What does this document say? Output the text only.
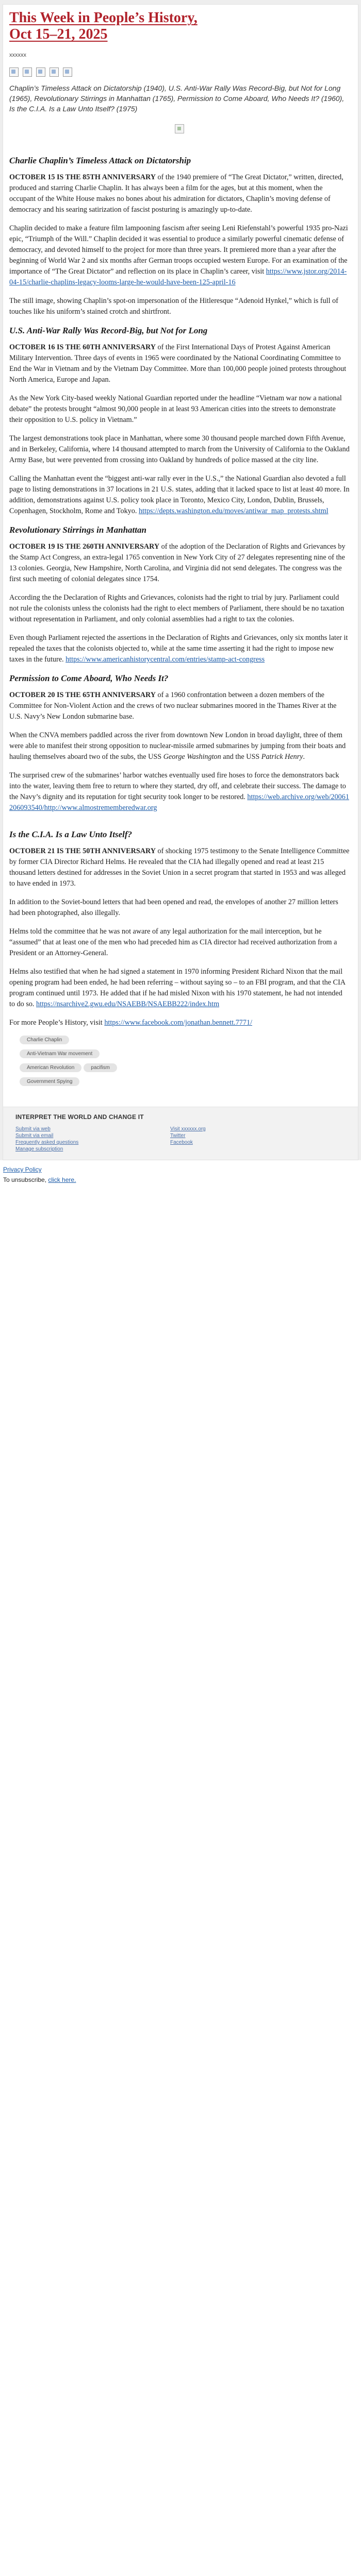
This Week in People’s History,
Oct 15–21, 2025
xxxxxx

Chaplin’s Timeless Attack on Dictatorship (1940), U.S. Anti-War Rally Was Record-Big, but Not for Long (1965), Revolutionary Stirrings in Manhattan (1765), Permission to Come Aboard, Who Needs It? (1960), Is the C.I.A. Is a Law Unto Itself? (1975)

Charlie Chaplin’s Timeless Attack on Dictatorship

OCTOBER 15 IS THE 85TH ANNIVERSARY of the 1940 premiere of “The Great Dictator,” written, directed, produced and starring Charlie Chaplin. It has always been a film for the ages, but at this moment, when the occupant of the White House makes no bones about his admiration for dictators, Chaplin’s moving defense of democracy and his searing satirization of fascist posturing is amazingly up-to-date.

Chaplin decided to make a feature film lampooning fascism after seeing Leni Riefenstahl’s powerful 1935 pro-Nazi epic, “Triumph of the Will.” Chaplin decided it was essential to produce a similarly powerful cinematic defense of democracy, and devoted himself to the project for more than three years. It premiered more than a year after the beginning of World War 2 and six months after German troops occupied western Europe. For an examination of the importance of “The Great Dictator” and reflection on its place in Chaplin’s career, visit https://www.jstor.org/2014-04-15/charlie-chaplins-legacy-looms-large-he-would-have-been-125-april-16

The still image, showing Chaplin’s spot-on impersonation of the Hitleresque “Adenoid Hynkel,” which is full of touches like his uniform’s stained crotch and shirtfront.

U.S. Anti-War Rally Was Record-Big, but Not for Long

OCTOBER 16 IS THE 60TH ANNIVERSARY of the First International Days of Protest Against American Military Intervention. Three days of events in 1965 were coordinated by the National Coordinating Committee to End the War in Vietnam and by the Vietnam Day Committee. More than 100,000 people joined protests throughout North America, Europe and Japan.

As the New York City-based weekly National Guardian reported under the headline “Vietnam war now a national debate” the protests brought “almost 90,000 people in at least 93 American cities into the streets to demonstrate their opposition to U.S. policy in Vietnam.”

The largest demonstrations took place in Manhattan, where some 30 thousand people marched down Fifth Avenue, and in Berkeley, California, where 14 thousand attempted to march from the University of California to the Oakland Army Base, but were prevented from crossing into Oakland by hundreds of police massed at the city line.

Calling the Manhattan event the “biggest anti-war rally ever in the U.S.,” the National Guardian also devoted a full page to listing demonstrations in 37 locations in 21 U.S. states, adding that it lacked space to list at least 40 more. In addition, demonstrations against U.S. policy took place in Toronto, Mexico City, London, Dublin, Brussels, Copenhagen, Stockholm, Rome and Tokyo. https://depts.washington.edu/moves/antiwar_map_protests.shtml

Revolutionary Stirrings in Manhattan

OCTOBER 19 IS THE 260TH ANNIVERSARY of the adoption of the Declaration of Rights and Grievances by the Stamp Act Congress, an extra-legal 1765 convention in New York City of 27 delegates representing nine of the 13 colonies. Georgia, New Hampshire, North Carolina, and Virginia did not send delegates. The congress was the first such meeting of colonial delegates since 1754.

According the the Declaration of Rights and Grievances, colonists had the right to trial by jury. Parliament could not rule the colonists unless the colonists had the right to elect members of Parliament, there should be no taxation without representation in Parliament, and only colonial assemblies had a right to tax the colonies.

Even though Parliament rejected the assertions in the Declaration of Rights and Grievances, only six months later it repealed the taxes that the colonists objected to, while at the same time asserting it had the right to impose new taxes in the future. https://www.americanhistorycentral.com/entries/stamp-act-congress

Permission to Come Aboard, Who Needs It?

OCTOBER 20 IS THE 65TH ANNIVERSARY of a 1960 confrontation between a dozen members of the Committee for Non-Violent Action and the crews of two nuclear submarines moored in the Thames River at the U.S. Navy’s New London submarine base.

When the CNVA members paddled across the river from downtown New London in broad daylight, three of them were able to manifest their strong opposition to nuclear-missile armed submarines by jumping from their boats and hauling themselves aboard two of the subs, the USS George Washington and the USS Patrick Henry.

The surprised crew of the submarines’ harbor watches eventually used fire hoses to force the demonstrators back into the water, leaving them free to return to where they started, dry off, and celebrate their success. The damage to the Navy’s dignity and its reputation for tight security took longer to be restored. https://web.archive.org/web/20061206093540/http://www.almostrememberedwar.org

Is the C.I.A. Is a Law Unto Itself?

OCTOBER 21 IS THE 50TH ANNIVERSARY of shocking 1975 testimony to the Senate Intelligence Committee by former CIA Director Richard Helms. He revealed that the CIA had illegally opened and read at least 215 thousand letters destined for addresses in the Soviet Union in a secret program that started in 1953 and was alleged to have ended in 1973.

In addition to the Soviet-bound letters that had been opened and read, the envelopes of another 27 million letters had been photographed, also illegally.

Helms told the committee that he was not aware of any legal authorization for the mail interception, but he “assumed” that at least one of the men who had preceded him as CIA director had received authorization from a President or an Attorney-General.

Helms also testified that when he had signed a statement in 1970 informing President Richard Nixon that the mail opening program had been ended, he had been referring – without saying so – to an FBI program, and that the CIA program continued until 1973. He added that if he had misled Nixon with his 1970 statement, he had not intended to do so. https://nsarchive2.gwu.edu/NSAEBB/NSAEBB222/index.htm

For more People’s History, visit https://www.facebook.com/jonathan.bennett.7771/

Charlie Chaplin
Anti-Vietnam War movement
American Revolution	pacifism
Government Spying
INTERPRET THE WORLD AND CHANGE IT
Submit via web
Submit via email
Frequently asked questions
Manage subscription
Visit xxxxxx.org
Twitter
Facebook
Privacy Policy
To unsubscribe, click here.
